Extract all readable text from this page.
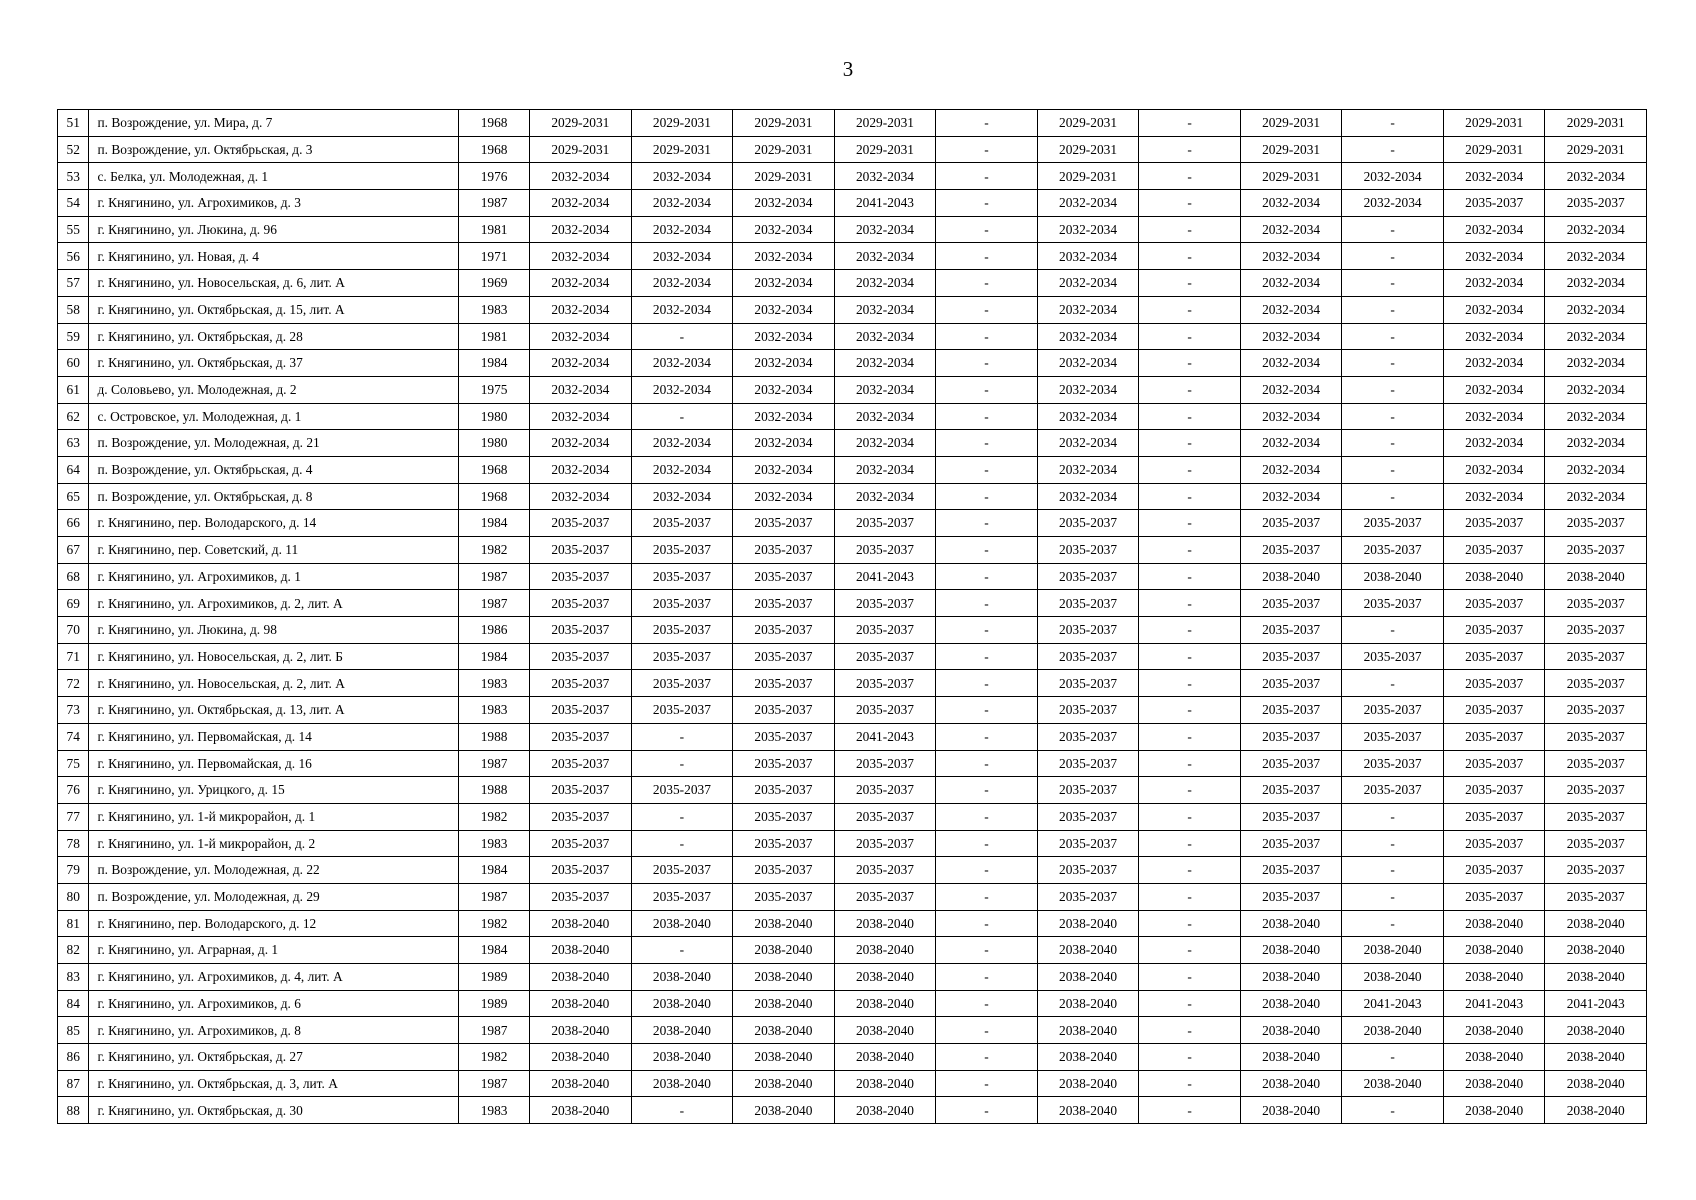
3
51	п. Возрождение, ул. Мира, д. 7	1968	2029-2031	2029-2031	2029-2031	2029-2031	-	2029-2031	-	2029-2031	-	2029-2031	2029-2031
52	п. Возрождение, ул. Октябрьская, д. 3	1968	2029-2031	2029-2031	2029-2031	2029-2031	-	2029-2031	-	2029-2031	-	2029-2031	2029-2031
53	с. Белка, ул. Молодежная, д. 1	1976	2032-2034	2032-2034	2029-2031	2032-2034	-	2029-2031	-	2029-2031	2032-2034	2032-2034	2032-2034
54	г. Княгинино, ул. Агрохимиков, д. 3	1987	2032-2034	2032-2034	2032-2034	2041-2043	-	2032-2034	-	2032-2034	2032-2034	2035-2037	2035-2037
55	г. Княгинино, ул. Люкина, д. 96	1981	2032-2034	2032-2034	2032-2034	2032-2034	-	2032-2034	-	2032-2034	-	2032-2034	2032-2034
56	г. Княгинино, ул. Новая, д. 4	1971	2032-2034	2032-2034	2032-2034	2032-2034	-	2032-2034	-	2032-2034	-	2032-2034	2032-2034
57	г. Княгинино, ул. Новосельская, д. 6, лит. А	1969	2032-2034	2032-2034	2032-2034	2032-2034	-	2032-2034	-	2032-2034	-	2032-2034	2032-2034
58	г. Княгинино, ул. Октябрьская, д. 15, лит. А	1983	2032-2034	2032-2034	2032-2034	2032-2034	-	2032-2034	-	2032-2034	-	2032-2034	2032-2034
59	г. Княгинино, ул. Октябрьская, д. 28	1981	2032-2034	-	2032-2034	2032-2034	-	2032-2034	-	2032-2034	-	2032-2034	2032-2034
60	г. Княгинино, ул. Октябрьская, д. 37	1984	2032-2034	2032-2034	2032-2034	2032-2034	-	2032-2034	-	2032-2034	-	2032-2034	2032-2034
61	д. Соловьево, ул. Молодежная, д. 2	1975	2032-2034	2032-2034	2032-2034	2032-2034	-	2032-2034	-	2032-2034	-	2032-2034	2032-2034
62	с. Островское, ул. Молодежная, д. 1	1980	2032-2034	-	2032-2034	2032-2034	-	2032-2034	-	2032-2034	-	2032-2034	2032-2034
63	п. Возрождение, ул. Молодежная, д. 21	1980	2032-2034	2032-2034	2032-2034	2032-2034	-	2032-2034	-	2032-2034	-	2032-2034	2032-2034
64	п. Возрождение, ул. Октябрьская, д. 4	1968	2032-2034	2032-2034	2032-2034	2032-2034	-	2032-2034	-	2032-2034	-	2032-2034	2032-2034
65	п. Возрождение, ул. Октябрьская, д. 8	1968	2032-2034	2032-2034	2032-2034	2032-2034	-	2032-2034	-	2032-2034	-	2032-2034	2032-2034
66	г. Княгинино, пер. Володарского, д. 14	1984	2035-2037	2035-2037	2035-2037	2035-2037	-	2035-2037	-	2035-2037	2035-2037	2035-2037	2035-2037
67	г. Княгинино, пер. Советский, д. 11	1982	2035-2037	2035-2037	2035-2037	2035-2037	-	2035-2037	-	2035-2037	2035-2037	2035-2037	2035-2037
68	г. Княгинино, ул. Агрохимиков, д. 1	1987	2035-2037	2035-2037	2035-2037	2041-2043	-	2035-2037	-	2038-2040	2038-2040	2038-2040	2038-2040
69	г. Княгинино, ул. Агрохимиков, д. 2, лит. А	1987	2035-2037	2035-2037	2035-2037	2035-2037	-	2035-2037	-	2035-2037	2035-2037	2035-2037	2035-2037
70	г. Княгинино, ул. Люкина, д. 98	1986	2035-2037	2035-2037	2035-2037	2035-2037	-	2035-2037	-	2035-2037	-	2035-2037	2035-2037
71	г. Княгинино, ул. Новосельская, д. 2, лит. Б	1984	2035-2037	2035-2037	2035-2037	2035-2037	-	2035-2037	-	2035-2037	2035-2037	2035-2037	2035-2037
72	г. Княгинино, ул. Новосельская, д. 2, лит. А	1983	2035-2037	2035-2037	2035-2037	2035-2037	-	2035-2037	-	2035-2037	-	2035-2037	2035-2037
73	г. Княгинино, ул. Октябрьская, д. 13, лит. А	1983	2035-2037	2035-2037	2035-2037	2035-2037	-	2035-2037	-	2035-2037	2035-2037	2035-2037	2035-2037
74	г. Княгинино, ул. Первомайская, д. 14	1988	2035-2037	-	2035-2037	2041-2043	-	2035-2037	-	2035-2037	2035-2037	2035-2037	2035-2037
75	г. Княгинино, ул. Первомайская, д. 16	1987	2035-2037	-	2035-2037	2035-2037	-	2035-2037	-	2035-2037	2035-2037	2035-2037	2035-2037
76	г. Княгинино, ул. Урицкого, д. 15	1988	2035-2037	2035-2037	2035-2037	2035-2037	-	2035-2037	-	2035-2037	2035-2037	2035-2037	2035-2037
77	г. Княгинино, ул. 1-й микрорайон, д. 1	1982	2035-2037	-	2035-2037	2035-2037	-	2035-2037	-	2035-2037	-	2035-2037	2035-2037
78	г. Княгинино, ул. 1-й микрорайон, д. 2	1983	2035-2037	-	2035-2037	2035-2037	-	2035-2037	-	2035-2037	-	2035-2037	2035-2037
79	п. Возрождение, ул. Молодежная, д. 22	1984	2035-2037	2035-2037	2035-2037	2035-2037	-	2035-2037	-	2035-2037	-	2035-2037	2035-2037
80	п. Возрождение, ул. Молодежная, д. 29	1987	2035-2037	2035-2037	2035-2037	2035-2037	-	2035-2037	-	2035-2037	-	2035-2037	2035-2037
81	г. Княгинино, пер. Володарского, д. 12	1982	2038-2040	2038-2040	2038-2040	2038-2040	-	2038-2040	-	2038-2040	-	2038-2040	2038-2040
82	г. Княгинино, ул. Аграрная, д. 1	1984	2038-2040	-	2038-2040	2038-2040	-	2038-2040	-	2038-2040	2038-2040	2038-2040	2038-2040
83	г. Княгинино, ул. Агрохимиков, д. 4, лит. А	1989	2038-2040	2038-2040	2038-2040	2038-2040	-	2038-2040	-	2038-2040	2038-2040	2038-2040	2038-2040
84	г. Княгинино, ул. Агрохимиков, д. 6	1989	2038-2040	2038-2040	2038-2040	2038-2040	-	2038-2040	-	2038-2040	2041-2043	2041-2043	2041-2043
85	г. Княгинино, ул. Агрохимиков, д. 8	1987	2038-2040	2038-2040	2038-2040	2038-2040	-	2038-2040	-	2038-2040	2038-2040	2038-2040	2038-2040
86	г. Княгинино, ул. Октябрьская, д. 27	1982	2038-2040	2038-2040	2038-2040	2038-2040	-	2038-2040	-	2038-2040	-	2038-2040	2038-2040
87	г. Княгинино, ул. Октябрьская, д. 3, лит. А	1987	2038-2040	2038-2040	2038-2040	2038-2040	-	2038-2040	-	2038-2040	2038-2040	2038-2040	2038-2040
88	г. Княгинино, ул. Октябрьская, д. 30	1983	2038-2040	-	2038-2040	2038-2040	-	2038-2040	-	2038-2040	-	2038-2040	2038-2040
